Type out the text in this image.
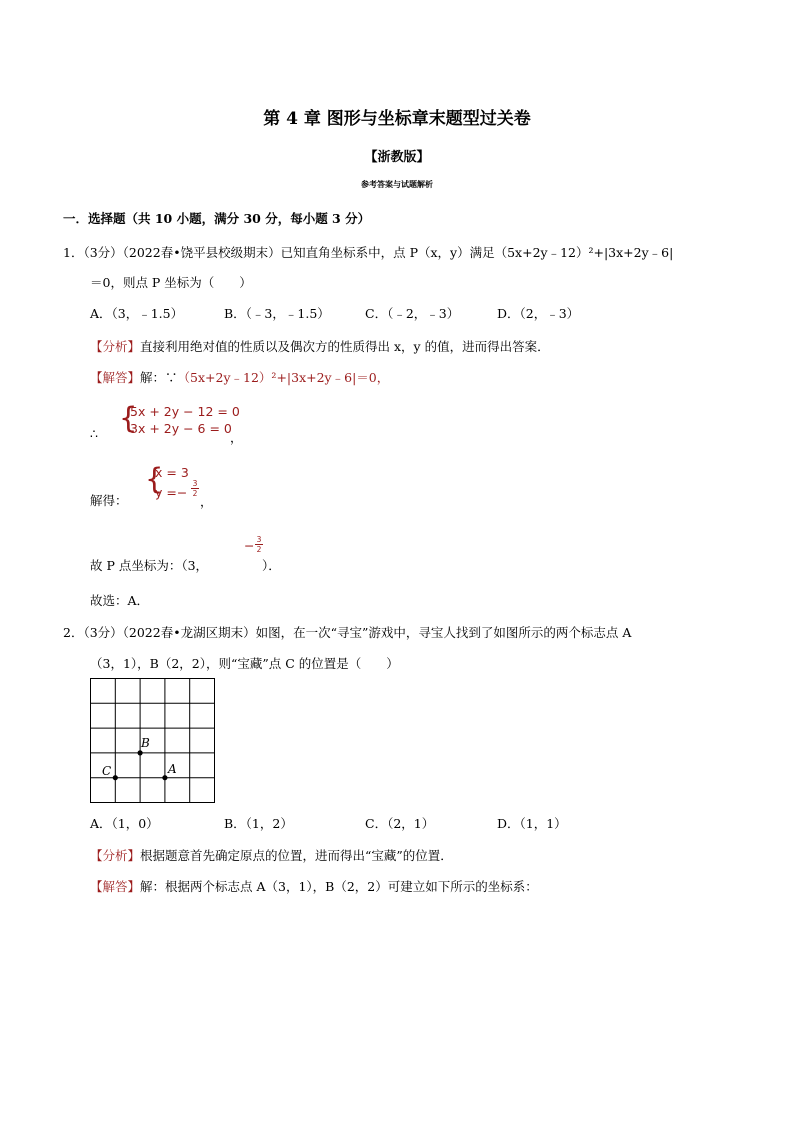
第 4 章 图形与坐标章末题型过关卷
【浙教版】
参考答案与试题解析
一．选择题（共 10 小题，满分 30 分，每小题 3 分）
1．（3分）（2022春•饶平县校级期末）已知直角坐标系中，点 P（x，y）满足（5x+2y﹣12）²+|3x+2y﹣6|
＝0，则点 P 坐标为（　　）
A．（3，﹣1.5）	B．（﹣3，﹣1.5）	C．（﹣2，﹣3）	D．（2，﹣3）
【分析】直接利用绝对值的性质以及偶次方的性质得出 x，y 的值，进而得出答案．
【解答】解：∵（5x+2y﹣12）²+|3x+2y﹣6|＝0，
∴ {
5x + 2y − 12 = 0
3x + 2y − 6 = 0
，
解得：
{
x = 3
$y =- \frac{3}{2}$
，
− $\frac{3}{2}$
故 P 点坐标为：（3，	）．
故选：A．
2．（3分）（2022春•龙湖区期末）如图，在一次“寻宝”游戏中，寻宝人找到了如图所示的两个标志点 A
（3，1），B（2，2），则“宝藏”点 C 的位置是（　　）
B
A
C
A．（1，0）	B．（1，2）	C．（2，1）	D．（1，1）
【分析】根据题意首先确定原点的位置，进而得出“宝藏”的位置．
【解答】解：根据两个标志点 A（3，1），B（2，2）可建立如下所示的坐标系：
